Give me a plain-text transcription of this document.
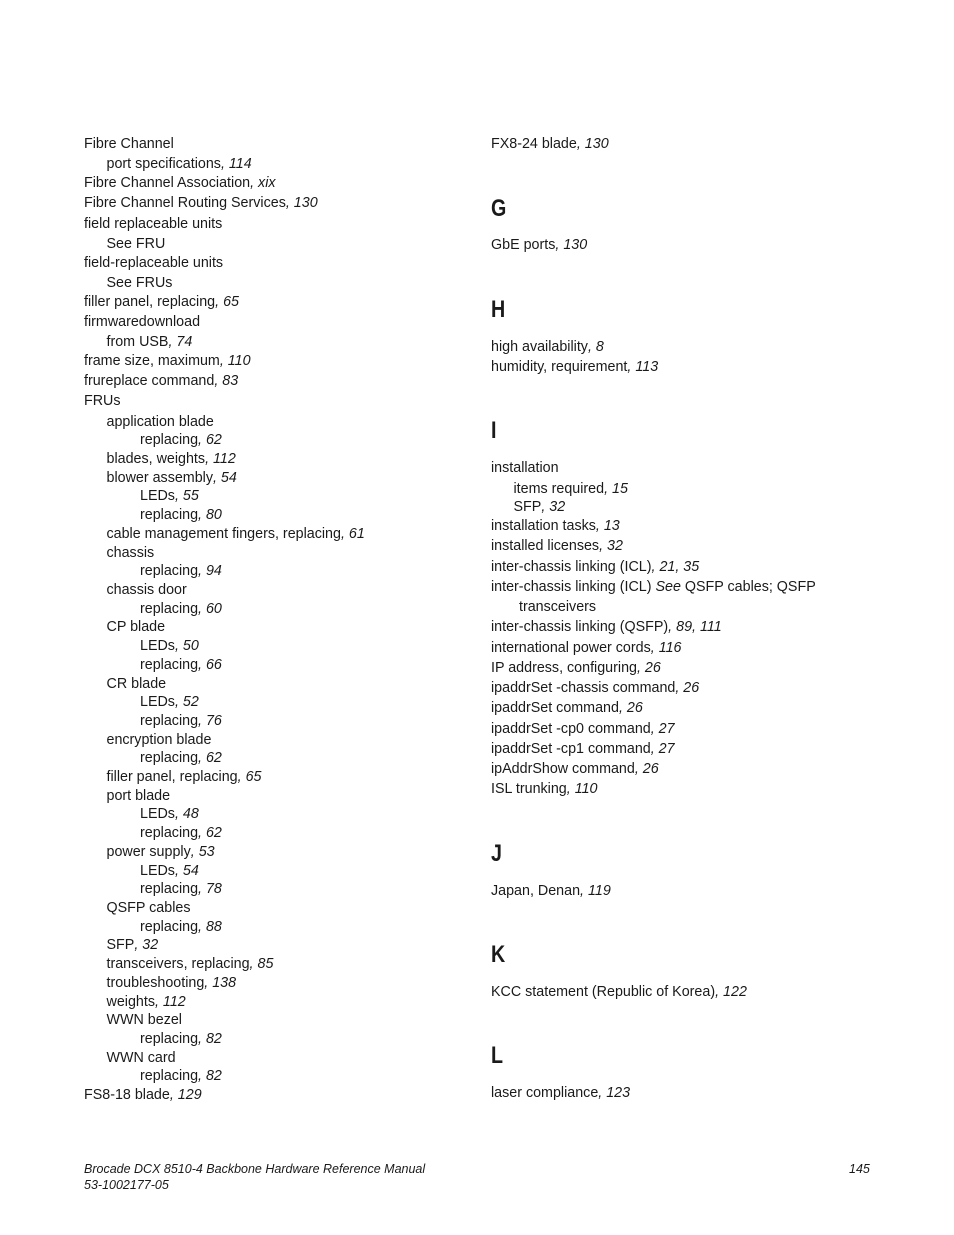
Fibre Channel
port specifications, 114
Fibre Channel Association, xix
Fibre Channel Routing Services, 130
field replaceable units
See FRU
field-replaceable units
See FRUs
filler panel, replacing, 65
firmwaredownload
from USB, 74
frame size, maximum, 110
frureplace command, 83
FRUs
application blade
replacing, 62
blades, weights, 112
blower assembly, 54
LEDs, 55
replacing, 80
cable management fingers, replacing, 61
chassis
replacing, 94
chassis door
replacing, 60
CP blade
LEDs, 50
replacing, 66
CR blade
LEDs, 52
replacing, 76
encryption blade
replacing, 62
filler panel, replacing, 65
port blade
LEDs, 48
replacing, 62
power supply, 53
LEDs, 54
replacing, 78
QSFP cables
replacing, 88
SFP, 32
transceivers, replacing, 85
troubleshooting, 138
weights, 112
WWN bezel
replacing, 82
WWN card
replacing, 82
FS8-18 blade, 129
FX8-24 blade, 130
G
GbE ports, 130
H
high availability, 8
humidity, requirement, 113
I
installation
items required, 15
SFP, 32
installation tasks, 13
installed licenses, 32
inter-chassis linking (ICL), 21, 35
inter-chassis linking (ICL) See QSFP cables; QSFP
transceivers
inter-chassis linking (QSFP), 89, 111
international power cords, 116
IP address, configuring, 26
ipaddrSet -chassis command, 26
ipaddrSet command, 26
ipaddrSet -cp0 command, 27
ipaddrSet -cp1 command, 27
ipAddrShow command, 26
ISL trunking, 110
J
Japan, Denan, 119
K
KCC statement (Republic of Korea), 122
L
laser compliance, 123
Brocade DCX 8510-4 Backbone Hardware Reference Manual
53-1002177-05
145
